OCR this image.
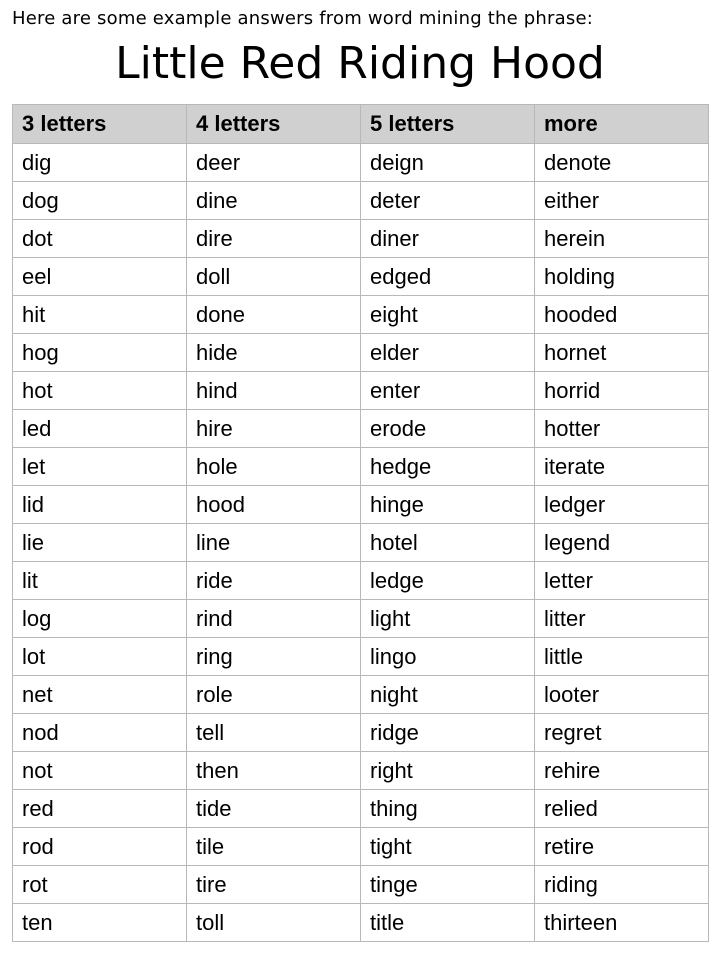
Here are some example answers from word mining the phrase:
Little Red Riding Hood
3 letters	4 letters	5 letters	more
dig	deer	deign	denote
dog	dine	deter	either
dot	dire	diner	herein
eel	doll	edged	holding
hit	done	eight	hooded
hog	hide	elder	hornet
hot	hind	enter	horrid
led	hire	erode	hotter
let	hole	hedge	iterate
lid	hood	hinge	ledger
lie	line	hotel	legend
lit	ride	ledge	letter
log	rind	light	litter
lot	ring	lingo	little
net	role	night	looter
nod	tell	ridge	regret
not	then	right	rehire
red	tide	thing	relied
rod	tile	tight	retire
rot	tire	tinge	riding
ten	toll	title	thirteen
